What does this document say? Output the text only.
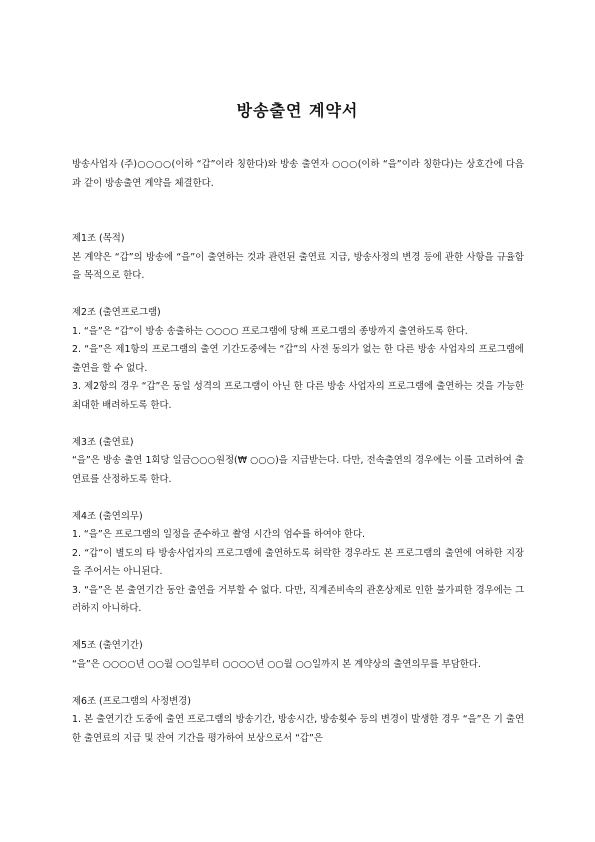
방송출연 계약서

방송사업자 (주)○○○○(이하 “갑”이라 칭한다)와 방송 출연자 ○○○(이하 “을”이라 칭한다)는 상호간에 다음과 같이 방송출연 계약을 체결한다.

제1조 (목적)

본 계약은 “갑”의 방송에 “을”이 출연하는 것과 관련된 출연료 지급, 방송사정의 변경 등에 관한 사항을 규율함을 목적으로 한다.

제2조 (출연프로그램)

1. “을”은 “갑”이 방송 송출하는 ○○○○ 프로그램에 당해 프로그램의 종방까지 출연하도록 한다.

2. “을”은 제1항의 프로그램의 출연 기간도중에는 “갑”의 사전 동의가 없는 한 다른 방송 사업자의 프로그램에 출연을 할 수 없다.

3. 제2항의 경우 “갑”은 동일 성격의 프로그램이 아닌 한 다른 방송 사업자의 프로그램에 출연하는 것을 가능한 최대한 배려하도록 한다.

제3조 (출연료)

“을”은 방송 출연 1회당 일금○○○원정(₩ ○○○)을 지급받는다. 다만, 전속출연의 경우에는 이를 고려하여 출연료를 산정하도록 한다.

제4조 (출연의무)

1. “을”은 프로그램의 일정을 준수하고 촬영 시간의 엄수를 하여야 한다.

2. “갑”이 별도의 타 방송사업자의 프로그램에 출연하도록 허락한 경우라도 본 프로그램의 출연에 여하한 지장을 주어서는 아니된다.

3. “을”은 본 출연기간 동안 출연을 거부할 수 없다. 다만, 직계존비속의 관혼상제로 인한 불가피한 경우에는 그러하지 아니하다.

제5조 (출연기간)

“을”은 ○○○○년 ○○월 ○○일부터 ○○○○년 ○○월 ○○일까지 본 계약상의 출연의무를 부담한다.

제6조 (프로그램의 사정변경)

1. 본 출연기간 도중에 출연 프로그램의 방송기간, 방송시간, 방송횟수 등의 변경이 발생한 경우 “을”은 기 출연한 출연료의 지급 및 잔여 기간을 평가하여 보상으로서 “갑”은
